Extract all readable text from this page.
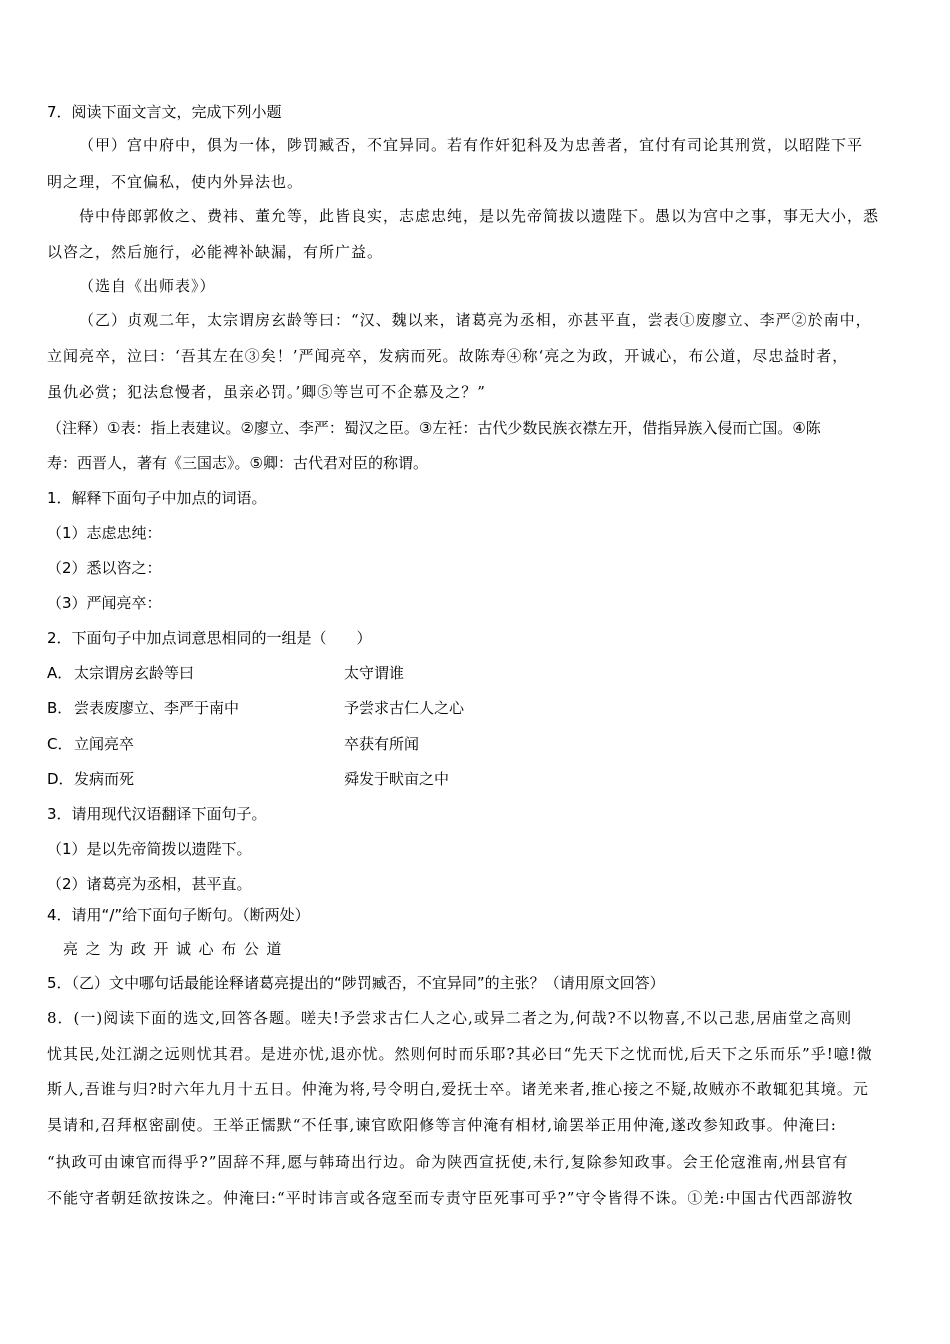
7．阅读下面文言文，完成下列小题
（甲）宫中府中，俱为一体，陟罚臧否，不宜异同。若有作奸犯科及为忠善者，宜付有司论其刑赏，以昭陛下平
明之理，不宜偏私，使内外异法也。
侍中侍郎郭攸之、费祎、董允等，此皆良实，志虑忠纯，是以先帝简拔以遗陛下。愚以为宫中之事，事无大小，悉
以咨之，然后施行，必能裨补缺漏，有所广益。
（选自《出师表》）
（乙）贞观二年，太宗谓房玄龄等曰：“汉、魏以来，诸葛亮为丞相，亦甚平直，尝表①废廖立、李严②於南中，
立闻亮卒，泣曰：‘吾其左在③矣！’严闻亮卒，发病而死。故陈寿④称‘亮之为政，开诚心，布公道，尽忠益时者，
虽仇必赏；犯法怠慢者，虽亲必罚。’卿⑤等岂可不企慕及之？”
（注释）①表：指上表建议。②廖立、李严：蜀汉之臣。③左衽：古代少数民族衣襟左开，借指异族入侵而亡国。④陈
寿：西晋人，著有《三国志》。⑤卿：古代君对臣的称谓。
1．解释下面句子中加点的词语。
（1）志虑忠纯：
（2）悉以咨之：
（3）严闻亮卒：
2．下面句子中加点词意思相同的一组是（　　）
A． 太宗谓房玄龄等曰	太守谓谁
B． 尝表废廖立、李严于南中	予尝求古仁人之心
C． 立闻亮卒	卒获有所闻
D． 发病而死	舜发于畎亩之中
3．请用现代汉语翻译下面句子。
（1）是以先帝简拨以遗陛下。
（2）诸葛亮为丞相，甚平直。
4．请用“/”给下面句子断句。（断两处）
亮之为政开诚心布公道
5．（乙）文中哪句话最能诠释诸葛亮提出的“陟罚臧否，不宜异同”的主张？（请用原文回答）
8．(一)阅读下面的选文,回答各题。嗟夫!予尝求古仁人之心,或异二者之为,何哉?不以物喜,不以己悲,居庙堂之高则
忧其民,处江湖之远则忧其君。是进亦忧,退亦忧。然则何时而乐耶?其必曰“先天下之忧而忧,后天下之乐而乐”乎!噫!微
斯人,吾谁与归?时六年九月十五日。仲淹为将,号令明白,爱抚士卒。诸羌来者,推心接之不疑,故贼亦不敢辄犯其境。元
昊请和,召拜枢密副使。王举正懦默“不任事,谏官欧阳修等言仲淹有相材,谕罢举正用仲淹,遂改参知政事。仲淹曰:
“执政可由谏官而得乎?”固辞不拜,愿与韩琦出行边。命为陕西宣抚使,未行,复除参知政事。会王伦寇淮南,州县官有
不能守者朝廷欲按诛之。仲淹曰:“平时讳言或各寇至而专责守臣死事可乎?”守令皆得不诛。①羌:中国古代西部游牧
